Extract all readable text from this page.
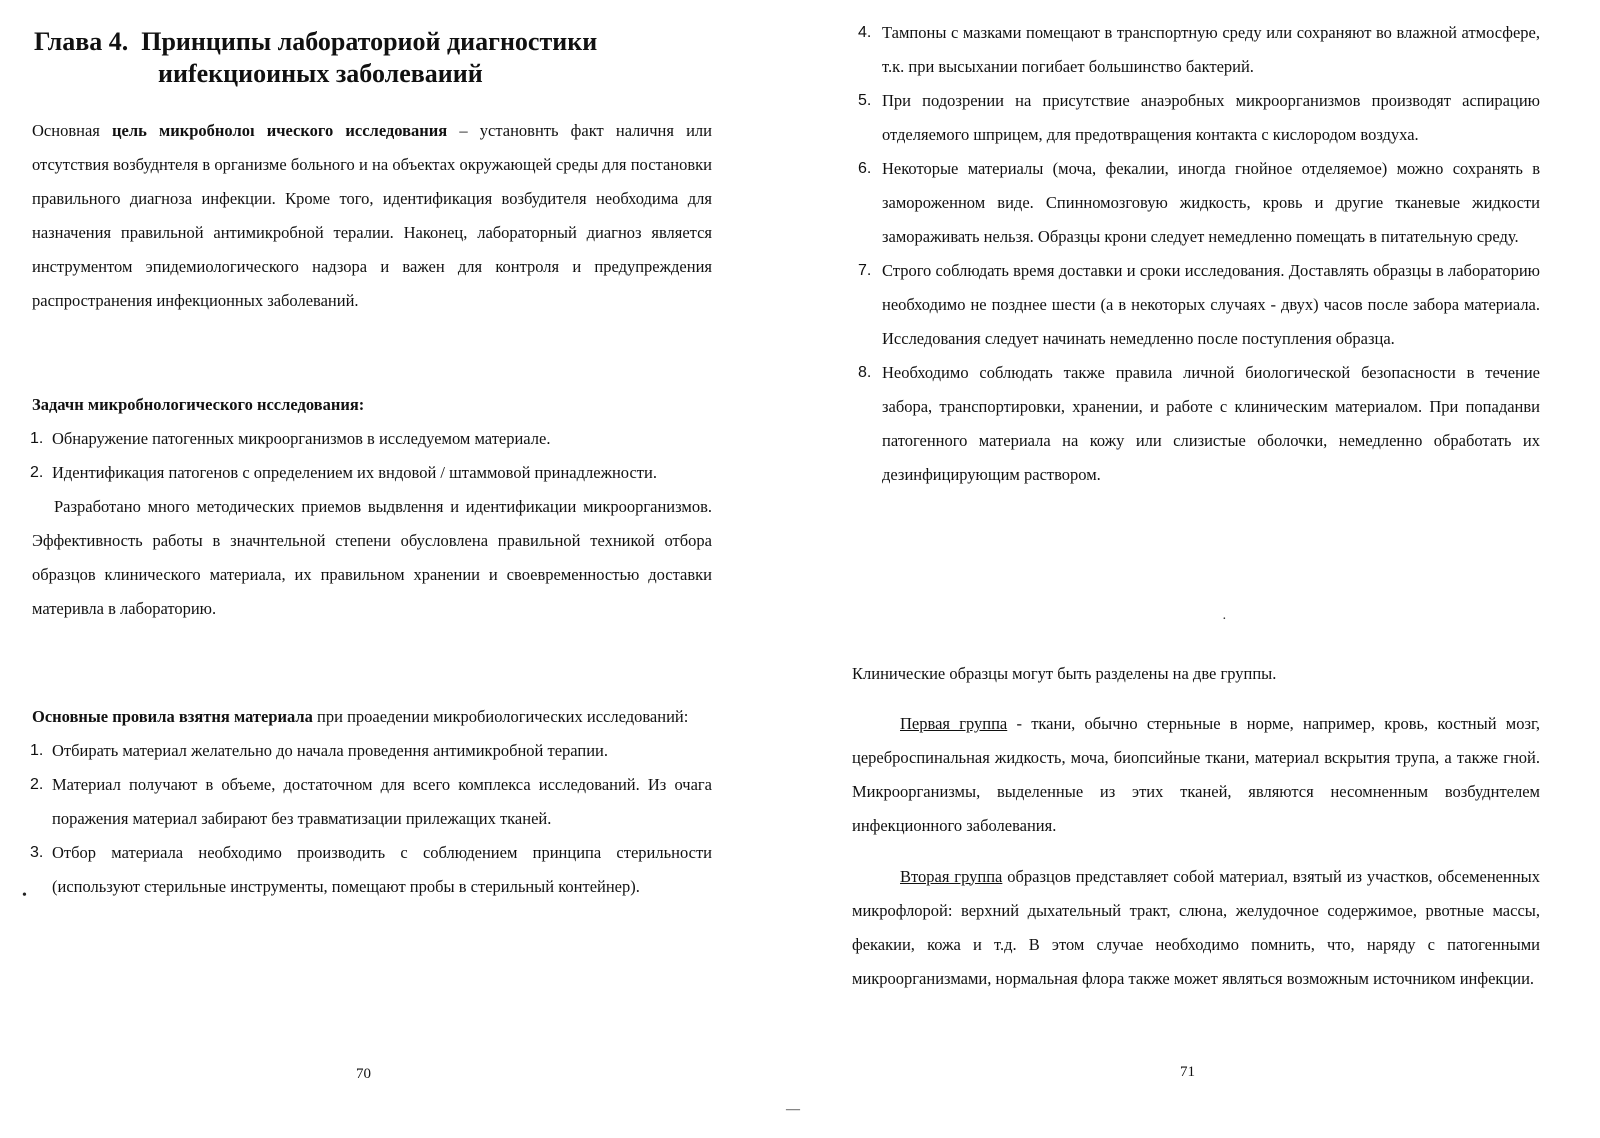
Глава 4. Принципы лабораториой диагностики
ииfекциоиных заболеваиий

Основная цель микробнолоı ического исследования – установнть факт наличня или отсутствия возбуднтеля в организме больного и на объектах окружающей среды для постановки правильного диагноза инфекции. Кроме того, идентификация возбудителя необходима для назначения правильной антимикробной тералии. Наконец, лабораторный диагноз является инструментом эпидемиологического надзора и важен для контроля и предупреждения распространения инфекционных заболеваний.

Задачн микробнологического нсследования:

1. Обнаружение патогенных микроорганизмов в исследуемом материале.
2. Идентификация патогенов с определением их вндовой / штаммовой принадлежности.

Разработано много методических приемов выдвлення и идентификации микроорганизмов. Эффективность работы в значнтельной степени обусловлена правильной техникой отбора образцов клинического материала, их правильном хранении и своевременностью доставки материвла в лабораторию.

Основные провила взятня материала при проаедении микробиологических исследований:

1. Отбирать материал желательно до начала проведення антимикробной терапии.
2. Материал получают в объеме, достаточном для всего комплекса исследований. Из очага поражения материал забирают без травматизации прилежащих тканей.
3. Отбор материала необходимо производить с соблюдением принципа стерильности (используют стерильные инструменты, помещают пробы в стерильный контейнер).
70
•
4. Тампоны с мазками помещают в транспортную среду или сохраняют во влажной атмосфере, т.к. при высыхании погибает большинство бактерий.
5. При подозрении на присутствие анаэробных микроорганизмов производят аспирацию отделяемого шприцем, для предотвращения контакта с кислородом воздуха.
6. Некоторые материалы (моча, фекалии, иногда гнойное отделяемое) можно сохранять в замороженном виде. Спинномозговую жидкость, кровь и другие тканевые жидкости замораживать нельзя. Образцы крони следует немедленно помещать в питательную среду.
7. Строго соблюдать время доставки и сроки исследования. Доставлять образцы в лабораторию необходимо не позднее шести (а в некоторых случаях - двух) часов после забора материала. Исследования следует начинать немедленно после поступления образца.
8. Необходимо соблюдать также правила личной биологической безопасности в течение забора, транспортировки, хранении, и работе с клиническим материалом. При попаданви патогенного материала на кожу или слизистые оболочки, немедленно обработать их дезинфицирующим раствором.

Клинические образцы могут быть разделены на две группы.

Первая группа - ткани, обычно стерньные в норме, например, кровь, костный мозг, цереброспинальная жидкость, моча, биопсийные ткани, материал вскрытия трупа, а также гной. Микроорганизмы, выделенные из этих тканей, являются несомненным возбуднтелем инфекционного заболевания.

Вторая группа образцов представляет собой материал, взятый из участков, обсемененных микрофлорой: верхний дыхательный тракт, слюна, желудочное содержимое, рвотные массы, фекакии, кожа и т.д. В этом случае необходимо помнить, что, наряду с патогенными микроорганизмами, нормальная флора также может являться возможным источником инфекции.

71
·
—
